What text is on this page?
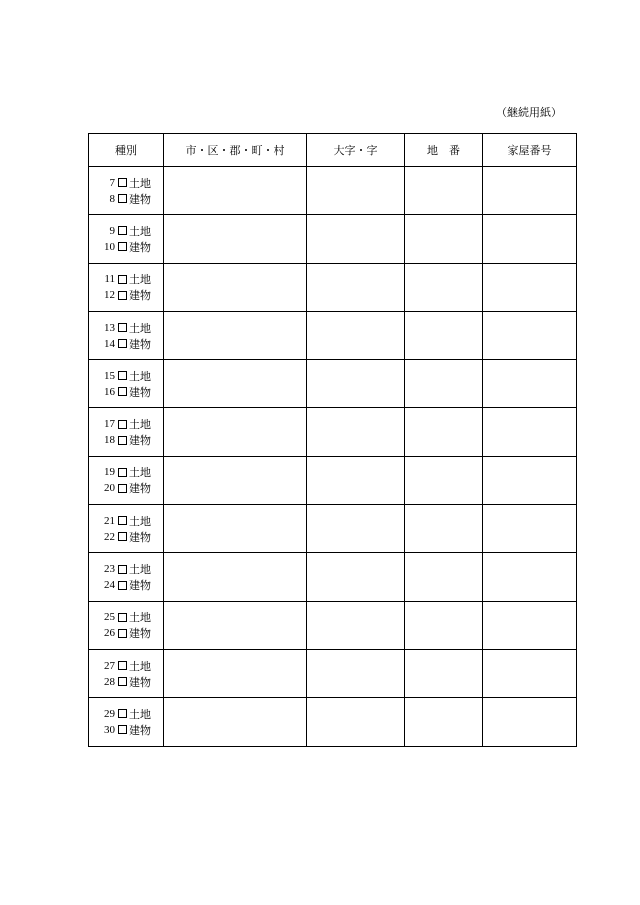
（継続用紙）
種別	市・区・郡・町・村	大字・字	地　番	家屋番号

7 土地
8 建物				

9 土地
10 建物				

11 土地
12 建物				

13 土地
14 建物				

15 土地
16 建物				

17 土地
18 建物				

19 土地
20 建物				

21 土地
22 建物				

23 土地
24 建物				

25 土地
26 建物				

27 土地
28 建物				

29 土地
30 建物				
